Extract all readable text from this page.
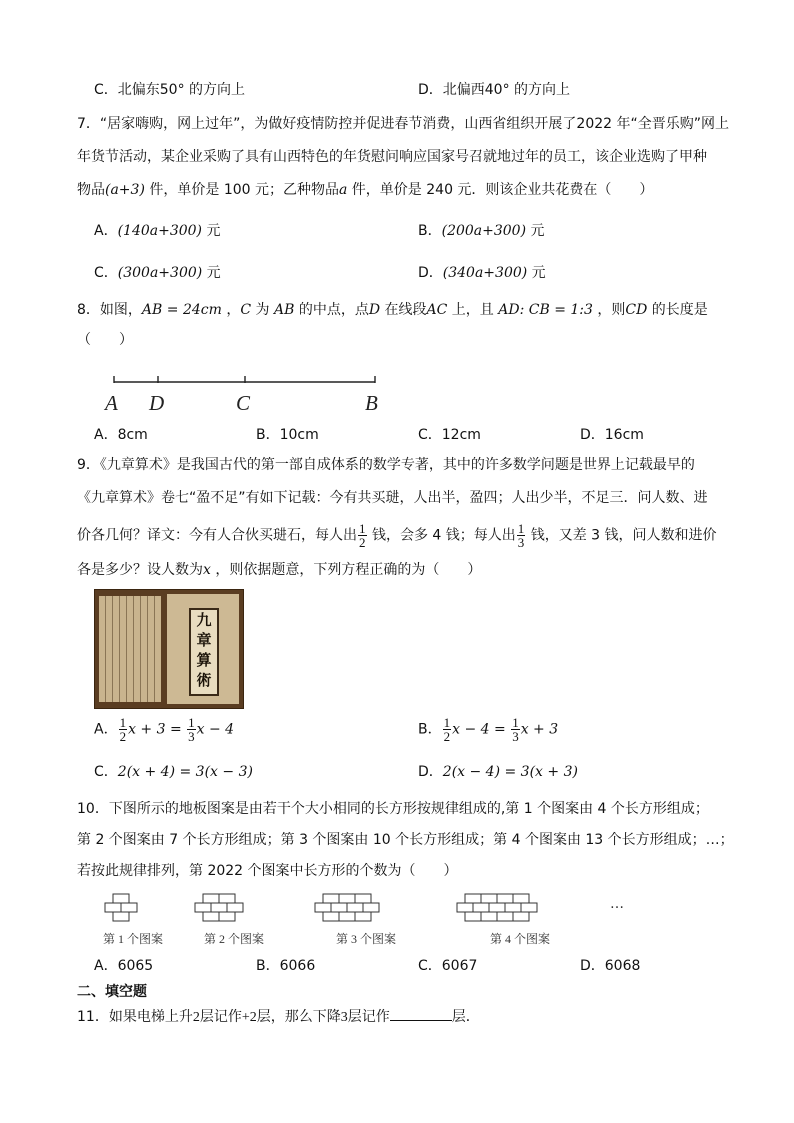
C．北偏东50° 的方向上	D．北偏西40° 的方向上
7．“居家嗨购，网上过年”，为做好疫情防控并促进春节消费，山西省组织开展了2022 年“全晋乐购”网上
年货节活动，某企业采购了具有山西特色的年货慰问响应国家号召就地过年的员工，该企业选购了甲种
物品(a+3) 件，单价是 100 元；乙种物品a 件，单价是 240 元．则该企业共花费在（　　）
A．(140a+300) 元	B．(200a+300) 元
C．(300a+300) 元	D．(340a+300) 元
8．如图，AB = 24cm ，C 为 AB 的中点，点D 在线段AC 上，且 AD: CB = 1:3 ，则CD 的长度是
（　　）
A D	C	B
A．8cm	B．10cm	C．12cm	D．16cm
9．《九章算术》是我国古代的第一部自成体系的数学专著，其中的许多数学问题是世界上记载最早的
《九章算术》卷七“盈不足”有如下记载：今有共买琎，人出半，盈四；人出少半，不足三．问人数、进
价各几何？译文：今有人合伙买琎石，每人出 $\frac{1}{2}$ 钱，会多 4 钱；每人出 $\frac{1}{3}$ 钱，又差 3 钱，问人数和进价
各是多少？设人数为x ，则依据题意，下列方程正确的为（　　）
九
章
算
術
A． $\frac{1}{2}$ $x + 3 = \frac{1}{3}$ x − 4	B． $\frac{1}{2}$ $x - 4 = \frac{1}{3}$ x + 3
C．2(x + 4) = 3(x − 3)	D．2(x − 4) = 3(x + 3)
10．下图所示的地板图案是由若干个大小相同的长方形按规律组成的,第 1 个图案由 4 个长方形组成；
第 2 个图案由 7 个长方形组成；第 3 个图案由 10 个长方形组成；第 4 个图案由 13 个长方形组成；…；
若按此规律排列，第 2022 个图案中长方形的个数为（　　）
…
第 1 个图案	第 2 个图案	第 3 个图案	第 4 个图案
A．6065	B．6066	C．6067	D．6068
二、填空题
11．如果电梯上升2层记作+2层，那么下降3层记作	层．
